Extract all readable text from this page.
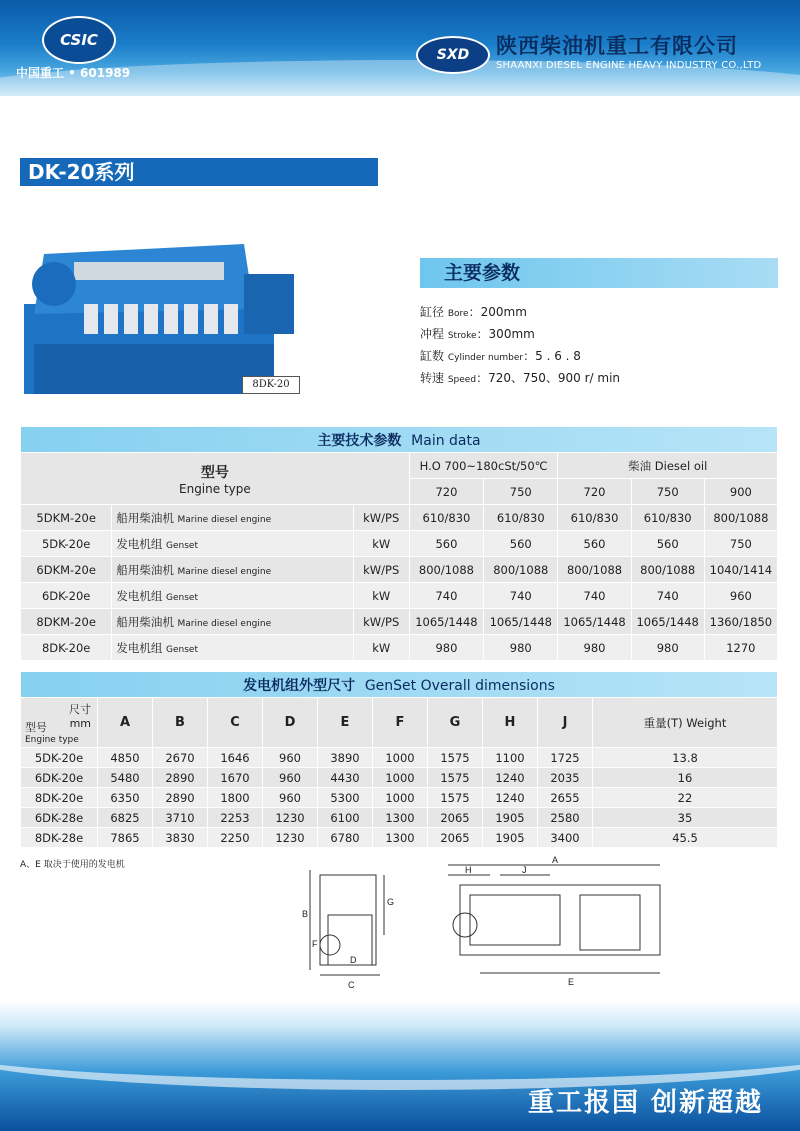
CSIC
中国重工 • 601989
SXD	陕西柴油机重工有限公司
SHAANXI DIESEL ENGINE HEAVY INDUSTRY CO.,LTD
DK-20系列
8DK-20
主要参数
缸径 Bore：200mm
冲程 Stroke：300mm
缸数 Cylinder number：5 . 6 . 8
转速 Speed：720、750、900 r/ min
主要技术参数 Main data							

型号
Engine type			H.O 700~180cSt/50℃		柴油 Diesel oil		
			720	750	720	750	900
5DKM-20e	船用柴油机 Marine diesel engine	kW/PS	610/830	610/830	610/830	610/830	800/1088
5DK-20e	发电机组 Genset	kW	560	560	560	560	750
6DKM-20e	船用柴油机 Marine diesel engine	kW/PS	800/1088	800/1088	800/1088	800/1088	1040/1414
6DK-20e	发电机组 Genset	kW	740	740	740	740	960
8DKM-20e	船用柴油机 Marine diesel engine	kW/PS	1065/1448	1065/1448	1065/1448	1065/1448	1360/1850
8DK-20e	发电机组 Genset	kW	980	980	980	980	1270
发电机组外型尺寸 GenSet Overall dimensions										

尺寸
mm
型号
Engine type	A	B	C	D	E	F	G	H	J	重量(T) Weight
5DK-20e	4850	2670	1646	960	3890	1000	1575	1100	1725	13.8
6DK-20e	5480	2890	1670	960	4430	1000	1575	1240	2035	16
8DK-20e	6350	2890	1800	960	5300	1000	1575	1240	2655	22
6DK-28e	6825	3710	2253	1230	6100	1300	2065	1905	2580	35
8DK-28e	7865	3830	2250	1230	6780	1300	2065	1905	3400	45.5
A、E 取决于使用的发电机
B
G
F
C
D
A
H	J
E
重工报国 创新超越
